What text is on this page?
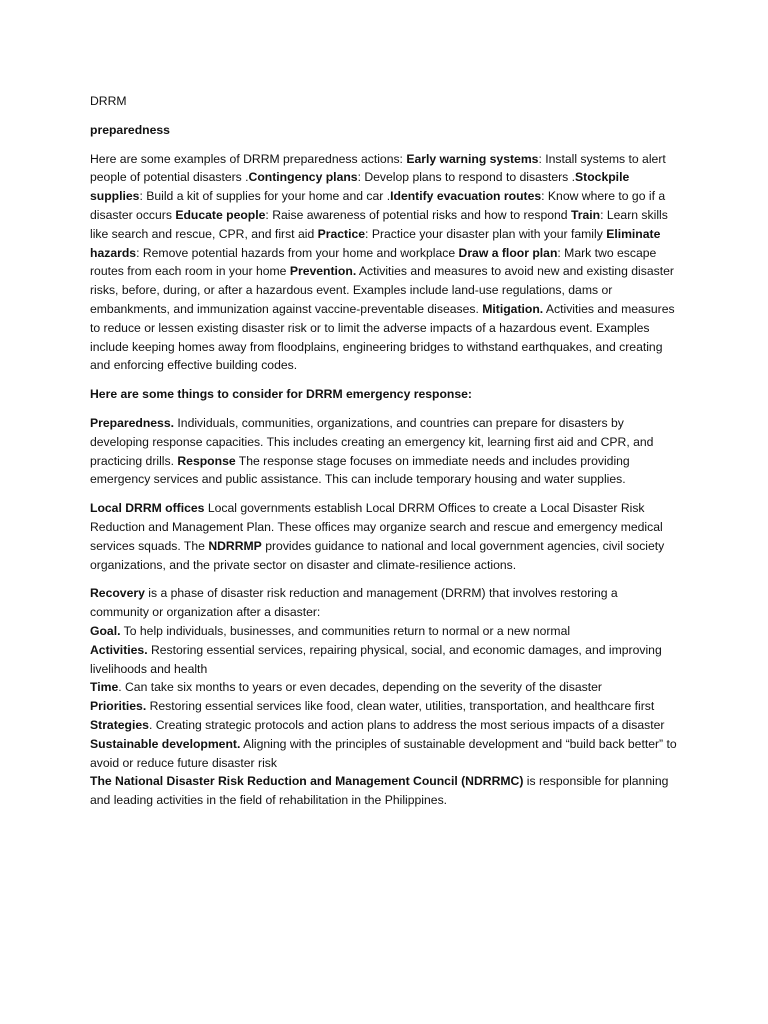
DRRM
preparedness
Here are some examples of DRRM preparedness actions: Early warning systems: Install systems to alert people of potential disasters .Contingency plans: Develop plans to respond to disasters .Stockpile supplies: Build a kit of supplies for your home and car .Identify evacuation routes: Know where to go if a disaster occurs Educate people: Raise awareness of potential risks and how to respond Train: Learn skills like search and rescue, CPR, and first aid Practice: Practice your disaster plan with your family Eliminate hazards: Remove potential hazards from your home and workplace Draw a floor plan: Mark two escape routes from each room in your home Prevention. Activities and measures to avoid new and existing disaster risks, before, during, or after a hazardous event. Examples include land-use regulations, dams or embankments, and immunization against vaccine-preventable diseases. Mitigation. Activities and measures to reduce or lessen existing disaster risk or to limit the adverse impacts of a hazardous event. Examples include keeping homes away from floodplains, engineering bridges to withstand earthquakes, and creating and enforcing effective building codes.
Here are some things to consider for DRRM emergency response:
Preparedness. Individuals, communities, organizations, and countries can prepare for disasters by developing response capacities. This includes creating an emergency kit, learning first aid and CPR, and practicing drills. Response The response stage focuses on immediate needs and includes providing emergency services and public assistance. This can include temporary housing and water supplies.
Local DRRM offices Local governments establish Local DRRM Offices to create a Local Disaster Risk Reduction and Management Plan. These offices may organize search and rescue and emergency medical services squads. The NDRRMP provides guidance to national and local government agencies, civil society organizations, and the private sector on disaster and climate-resilience actions.
Recovery is a phase of disaster risk reduction and management (DRRM) that involves restoring a community or organization after a disaster:
Goal. To help individuals, businesses, and communities return to normal or a new normal
Activities. Restoring essential services, repairing physical, social, and economic damages, and improving livelihoods and health
Time. Can take six months to years or even decades, depending on the severity of the disaster
Priorities. Restoring essential services like food, clean water, utilities, transportation, and healthcare first
Strategies. Creating strategic protocols and action plans to address the most serious impacts of a disaster
Sustainable development. Aligning with the principles of sustainable development and “build back better” to avoid or reduce future disaster risk
The National Disaster Risk Reduction and Management Council (NDRRMC) is responsible for planning and leading activities in the field of rehabilitation in the Philippines.
